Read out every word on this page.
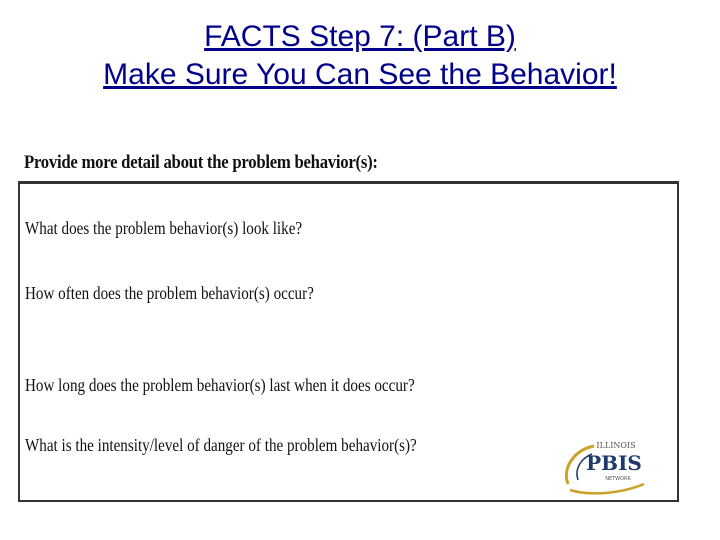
FACTS Step 7: (Part B)
Make Sure You Can See the Behavior!
Provide more detail about the problem behavior(s):
What does the problem behavior(s) look like?
How often does the problem behavior(s) occur?
How long does the problem behavior(s) last when it does occur?
What is the intensity/level of danger of the problem behavior(s)?	ILLINOIS
PBIS
NETWORK
